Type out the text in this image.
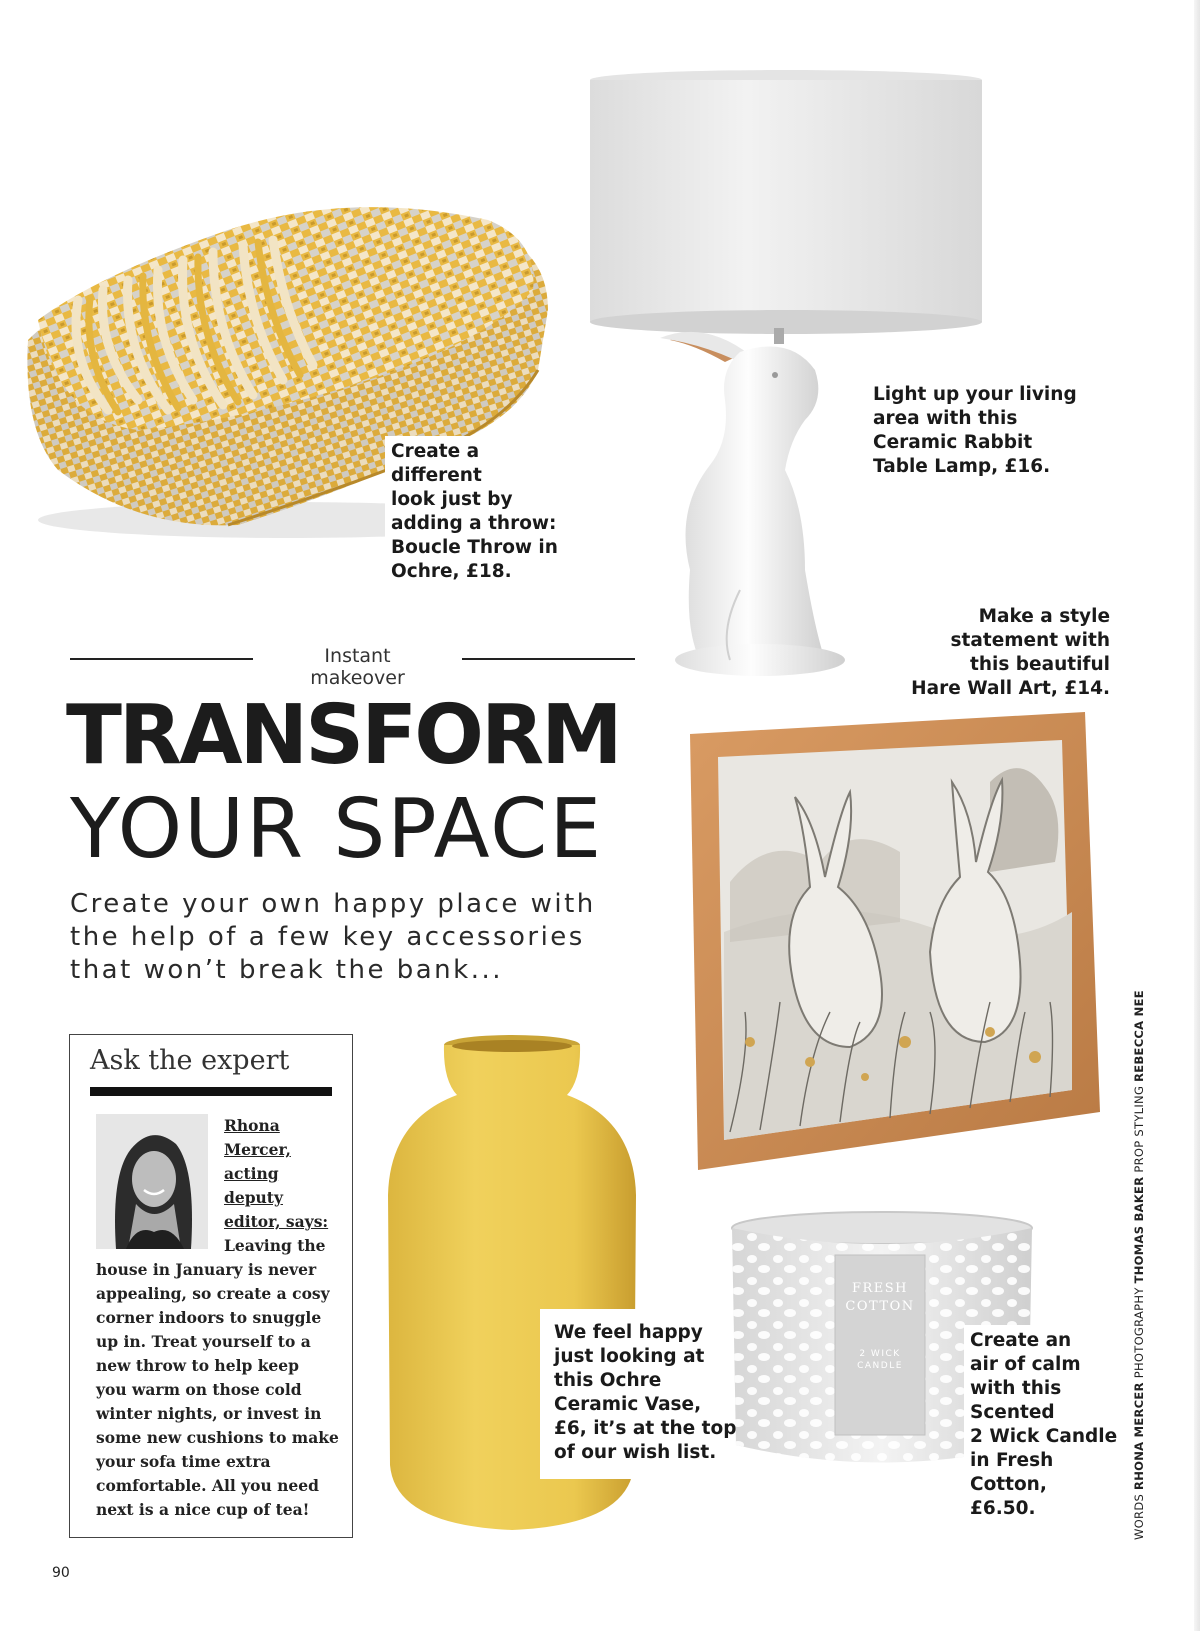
Create a different
look just by
adding a throw:
Boucle Throw in
Ochre, £18.
Light up your living
area with this
Ceramic Rabbit
Table Lamp, £16.
Make a style
statement with
this beautiful
Hare Wall Art, £14.
Instant makeover
TRANSFORM
YOUR SPACE
Create your own happy place with
the help of a few key accessories
that won’t break the bank...
Ask the expert
Rhona
Mercer,
acting
deputy
editor, says:
Leaving the
house in January is never
appealing, so create a cosy
corner indoors to snuggle
up in. Treat yourself to a
new throw to help keep
you warm on those cold
winter nights, or invest in
some new cushions to make
your sofa time extra
comfortable. All you need
next is a nice cup of tea!
We feel happy
just looking at
this Ochre
Ceramic Vase,
£6, it’s at the top
of our wish list.
FRESH
COTTON
2 WICK
CANDLE
Create an
air of calm
with this
Scented
2 Wick Candle
in Fresh
Cotton,
£6.50.	WORDS RHONA MERCER PHOTOGRAPHY THOMAS BAKER PROP STYLING REBECCA NEE
90
